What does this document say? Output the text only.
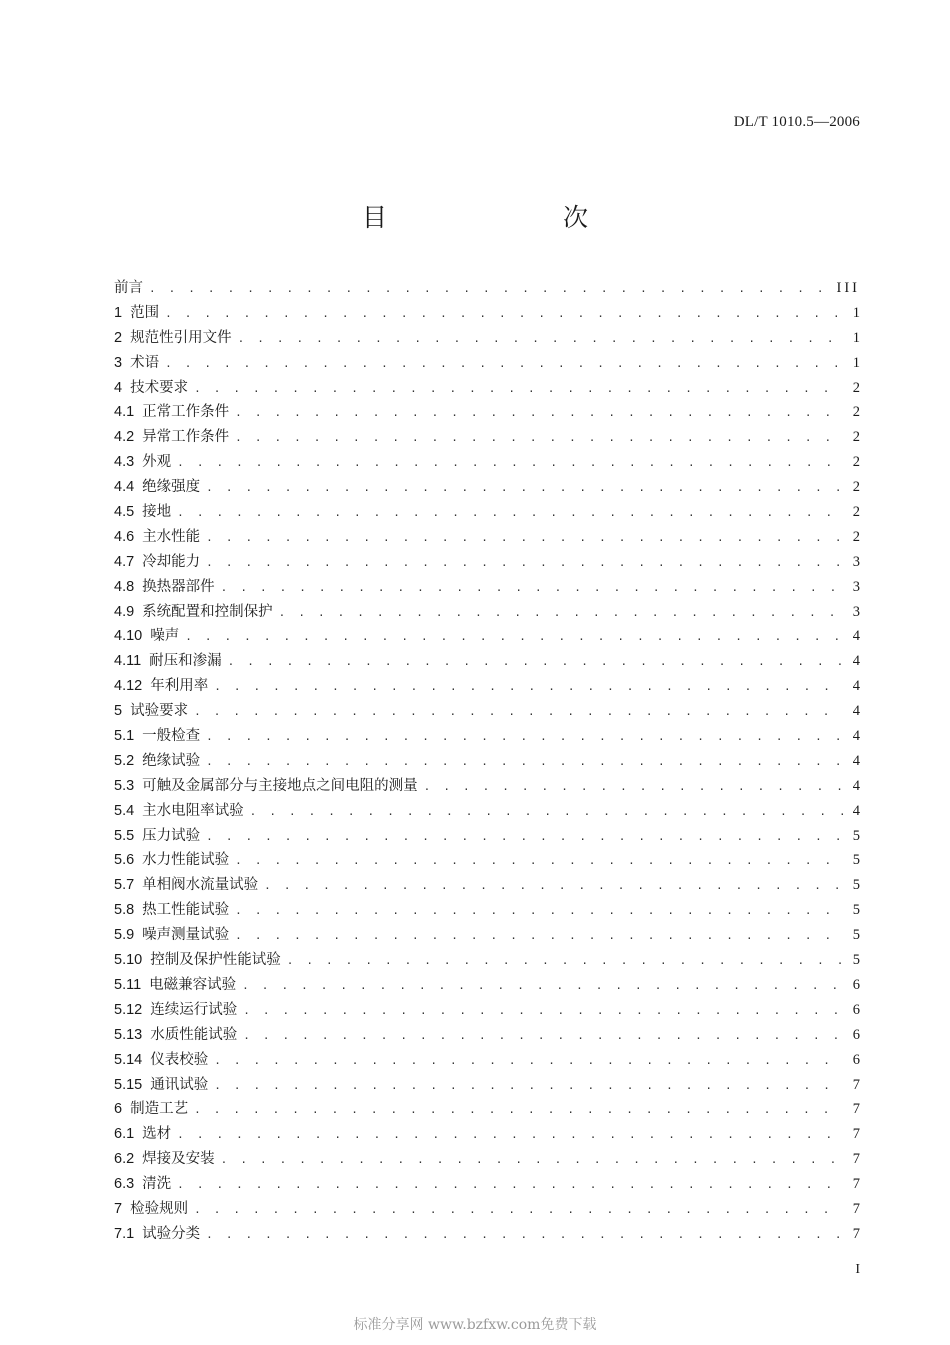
DL/T 1010.5—2006
目　　次
前言 . . .	III
1 范围 . . .	1
2 规范性引用文件 . . .	1
3 术语 . . .	1
4 技术要求 . . .	2
4.1 正常工作条件 . . .	2
4.2 异常工作条件 . . .	2
4.3 外观 . . .	2
4.4 绝缘强度 . . .	2
4.5 接地 . . .	2
4.6 主水性能 . . .	2
4.7 冷却能力 . . .	3
4.8 换热器部件 . . .	3
4.9 系统配置和控制保护 . . .	3
4.10 噪声 . . .	4
4.11 耐压和渗漏 . . .	4
4.12 年利用率 . . .	4
5 试验要求 . . .	4
5.1 一般检查 . . .	4
5.2 绝缘试验 . . .	4
5.3 可触及金属部分与主接地点之间电阻的测量 . . .	4
5.4 主水电阻率试验 . . .	4
5.5 压力试验 . . .	5
5.6 水力性能试验 . . .	5
5.7 单相阀水流量试验 . . .	5
5.8 热工性能试验 . . .	5
5.9 噪声测量试验 . . .	5
5.10 控制及保护性能试验 . . .	5
5.11 电磁兼容试验 . . .	6
5.12 连续运行试验 . . .	6
5.13 水质性能试验 . . .	6
5.14 仪表校验 . . .	6
5.15 通讯试验 . . .	7
6 制造工艺 . . .	7
6.1 选材 . . .	7
6.2 焊接及安装 . . .	7
6.3 清洗 . . .	7
7 检验规则 . . .	7
7.1 试验分类 . . .	7
I
标准分享网 www.bzfxw.com免费下载
